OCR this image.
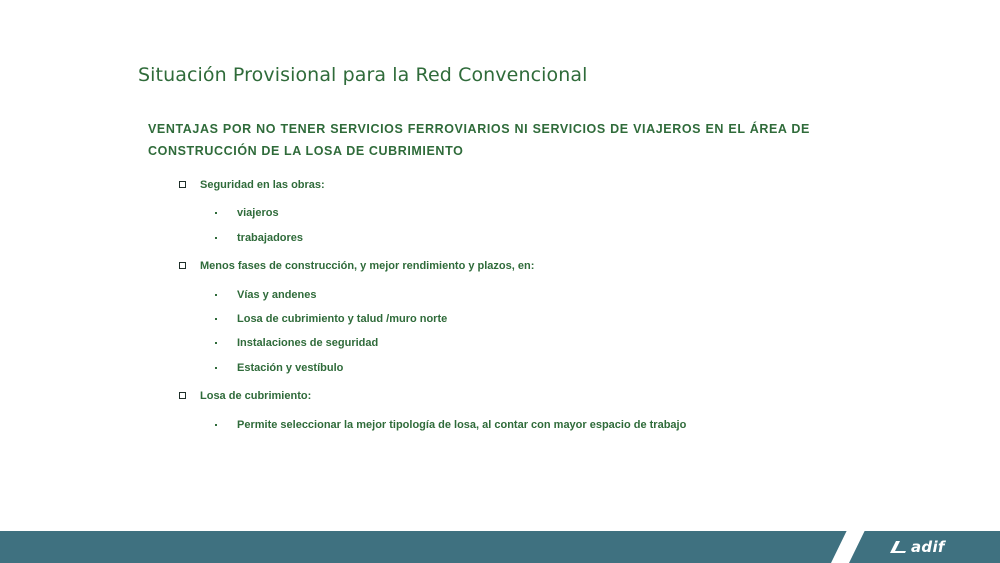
Situación Provisional para la Red Convencional
VENTAJAS POR NO TENER SERVICIOS FERROVIARIOS NI SERVICIOS DE VIAJEROS EN EL ÁREA DE CONSTRUCCIÓN DE LA LOSA DE CUBRIMIENTO
Seguridad en las obras:
viajeros
trabajadores
Menos fases de construcción, y mejor rendimiento y plazos, en:
Vías y andenes
Losa de cubrimiento y talud /muro norte
Instalaciones de seguridad
Estación y vestíbulo
Losa de cubrimiento:
Permite seleccionar la mejor tipología de losa, al contar con mayor espacio de trabajo
adif
